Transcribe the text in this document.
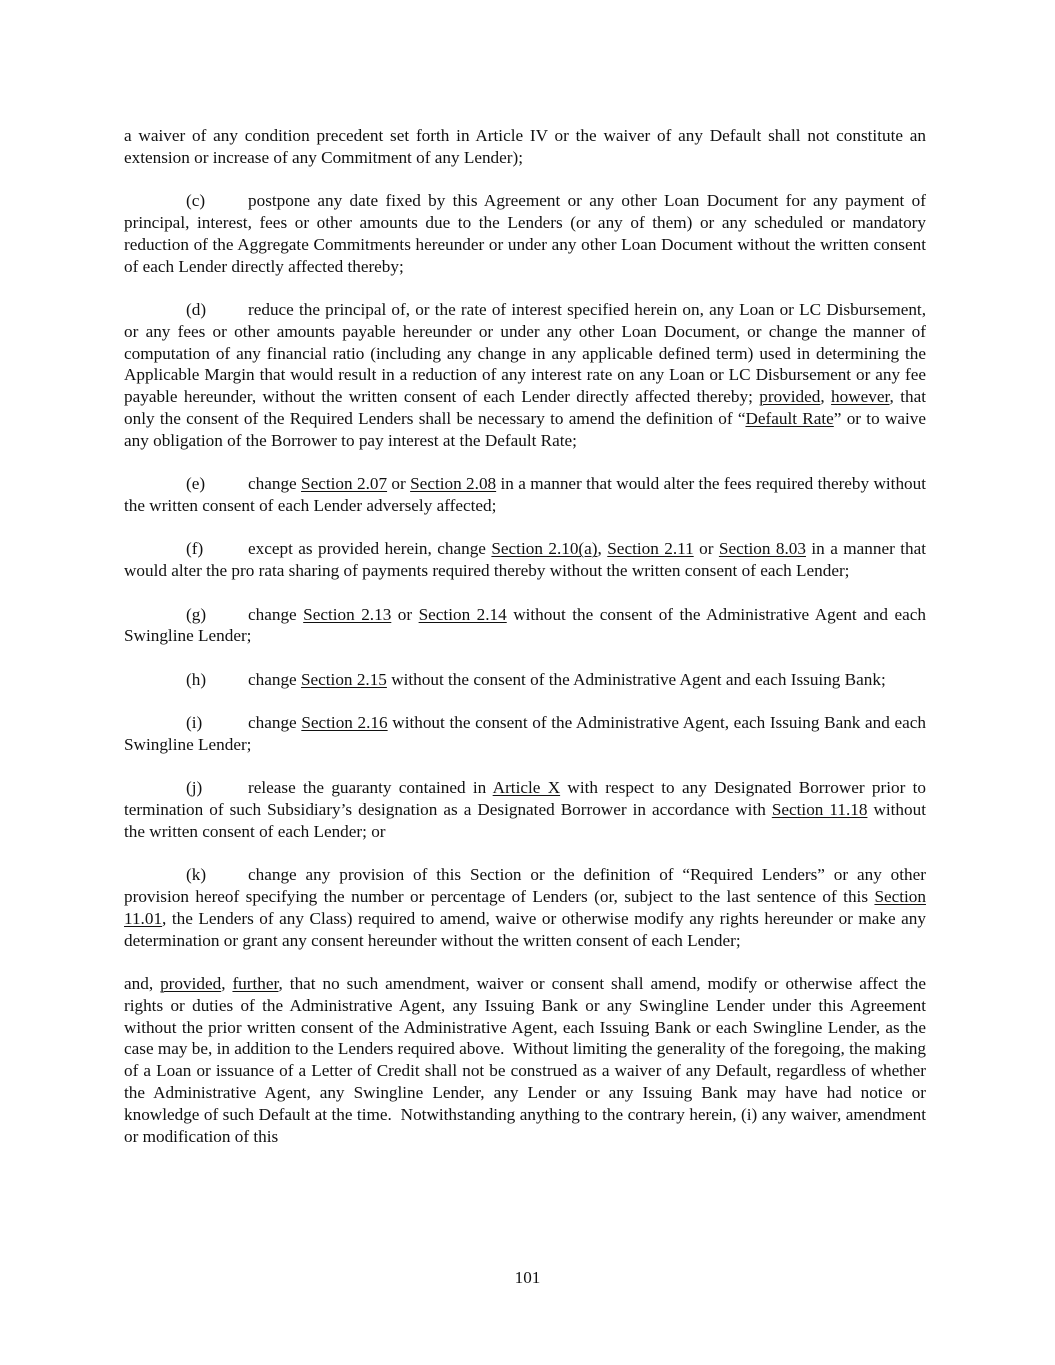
a waiver of any condition precedent set forth in Article IV or the waiver of any Default shall not constitute an extension or increase of any Commitment of any Lender);

(c) postpone any date fixed by this Agreement or any other Loan Document for any payment of principal, interest, fees or other amounts due to the Lenders (or any of them) or any scheduled or mandatory reduction of the Aggregate Commitments hereunder or under any other Loan Document without the written consent of each Lender directly affected thereby;

(d) reduce the principal of, or the rate of interest specified herein on, any Loan or LC Disbursement, or any fees or other amounts payable hereunder or under any other Loan Document, or change the manner of computation of any financial ratio (including any change in any applicable defined term) used in determining the Applicable Margin that would result in a reduction of any interest rate on any Loan or LC Disbursement or any fee payable hereunder, without the written consent of each Lender directly affected thereby; provided, however, that only the consent of the Required Lenders shall be necessary to amend the definition of “Default Rate” or to waive any obligation of the Borrower to pay interest at the Default Rate;

(e) change Section 2.07 or Section 2.08 in a manner that would alter the fees required thereby without the written consent of each Lender adversely affected;

(f)	except as provided herein, change Section 2.10(a), Section 2.11 or Section 8.03 in a manner that would alter the pro rata sharing of payments required thereby without the written consent of each Lender;

(g) change Section 2.13 or Section 2.14 without the consent of the Administrative Agent and each Swingline Lender;

(h) change Section 2.15 without the consent of the Administrative Agent and each Issuing Bank;

(i)	change Section 2.16 without the consent of the Administrative Agent, each Issuing Bank and each Swingline Lender;

(j)	release the guaranty contained in Article X with respect to any Designated Borrower prior to termination of such Subsidiary’s designation as a Designated Borrower in accordance with Section 11.18 without the written consent of each Lender; or

(k) change any provision of this Section or the definition of “Required Lenders” or any other provision hereof specifying the number or percentage of Lenders (or, subject to the last sentence of this Section 11.01, the Lenders of any Class) required to amend, waive or otherwise modify any rights hereunder or make any determination or grant any consent hereunder without the written consent of each Lender;

and, provided, further, that no such amendment, waiver or consent shall amend, modify or otherwise affect the rights or duties of the Administrative Agent, any Issuing Bank or any Swingline Lender under this Agreement without the prior written consent of the Administrative Agent, each Issuing Bank or each Swingline Lender, as the case may be, in addition to the Lenders required above.  Without limiting the generality of the foregoing, the making of a Loan or issuance of a Letter of Credit shall not be construed as a waiver of any Default, regardless of whether the Administrative Agent, any Swingline Lender, any Lender or any Issuing Bank may have had notice or knowledge of such Default at the time.  Notwithstanding anything to the contrary herein, (i) any waiver, amendment or modification of this

101
